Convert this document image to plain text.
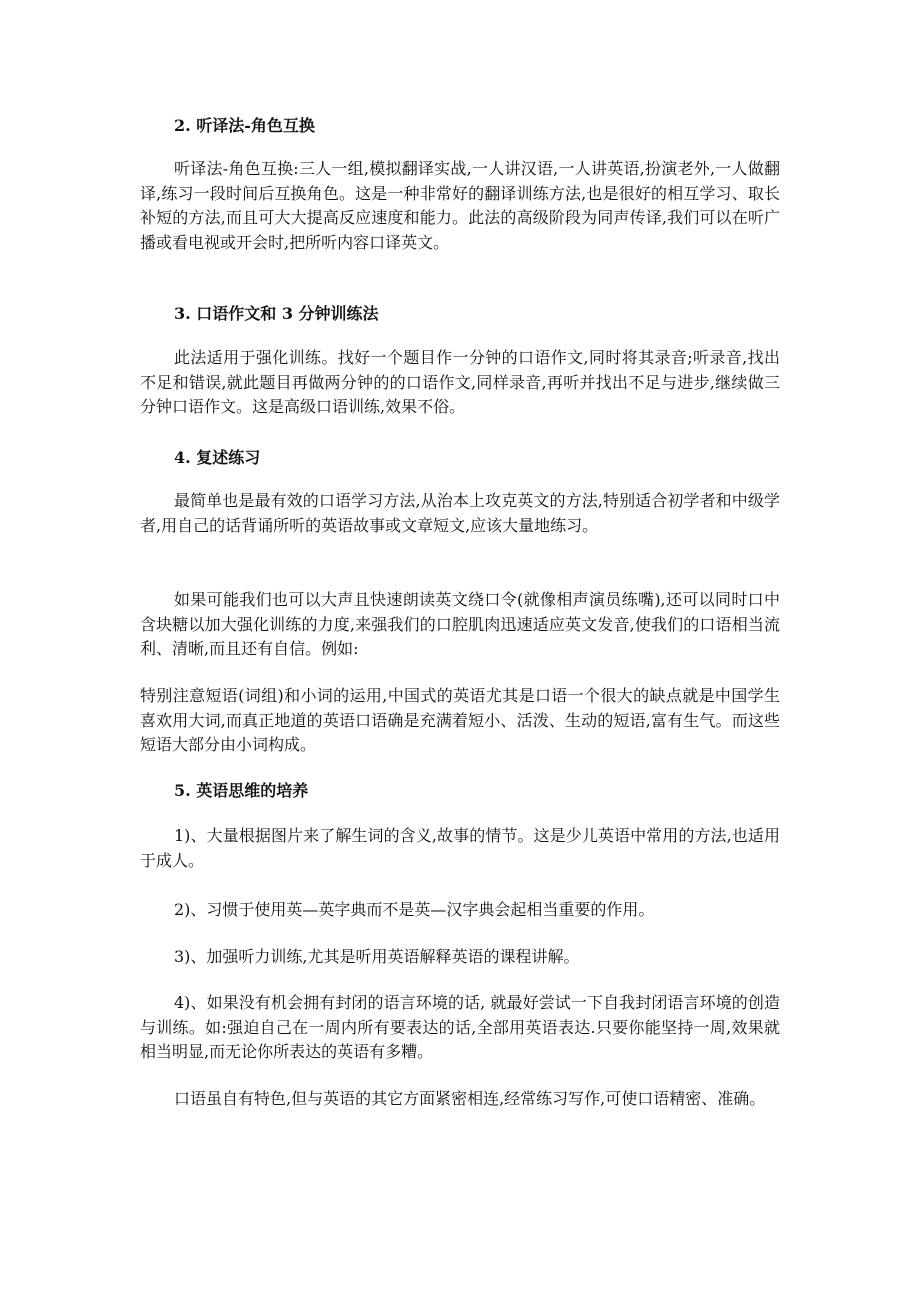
2. 听译法-角色互换
听译法-角色互换:三人一组,模拟翻译实战,一人讲汉语,一人讲英语,扮演老外,一人做翻译,练习一段时间后互换角色。这是一种非常好的翻译训练方法,也是很好的相互学习、取长补短的方法,而且可大大提高反应速度和能力。此法的高级阶段为同声传译,我们可以在听广播或看电视或开会时,把所听内容口译英文。
3. 口语作文和 3 分钟训练法
此法适用于强化训练。找好一个题目作一分钟的口语作文,同时将其录音;听录音,找出不足和错误,就此题目再做两分钟的的口语作文,同样录音,再听并找出不足与进步,继续做三分钟口语作文。这是高级口语训练,效果不俗。
4. 复述练习
最简单也是最有效的口语学习方法,从治本上攻克英文的方法,特别适合初学者和中级学者,用自己的话背诵所听的英语故事或文章短文,应该大量地练习。
如果可能我们也可以大声且快速朗读英文绕口令(就像相声演员练嘴),还可以同时口中含块糖以加大强化训练的力度,来强我们的口腔肌肉迅速适应英文发音,使我们的口语相当流利、清晰,而且还有自信。例如:
特别注意短语(词组)和小词的运用,中国式的英语尤其是口语一个很大的缺点就是中国学生喜欢用大词,而真正地道的英语口语确是充满着短小、活泼、生动的短语,富有生气。而这些短语大部分由小词构成。
5. 英语思维的培养
1)、大量根据图片来了解生词的含义,故事的情节。这是少儿英语中常用的方法,也适用于成人。
2)、习惯于使用英—英字典而不是英—汉字典会起相当重要的作用。
3)、加强听力训练,尤其是听用英语解释英语的课程讲解。
4)、如果没有机会拥有封闭的语言环境的话, 就最好尝试一下自我封闭语言环境的创造与训练。如:强迫自己在一周内所有要表达的话,全部用英语表达.只要你能坚持一周,效果就相当明显,而无论你所表达的英语有多糟。
口语虽自有特色,但与英语的其它方面紧密相连,经常练习写作,可使口语精密、准确。
